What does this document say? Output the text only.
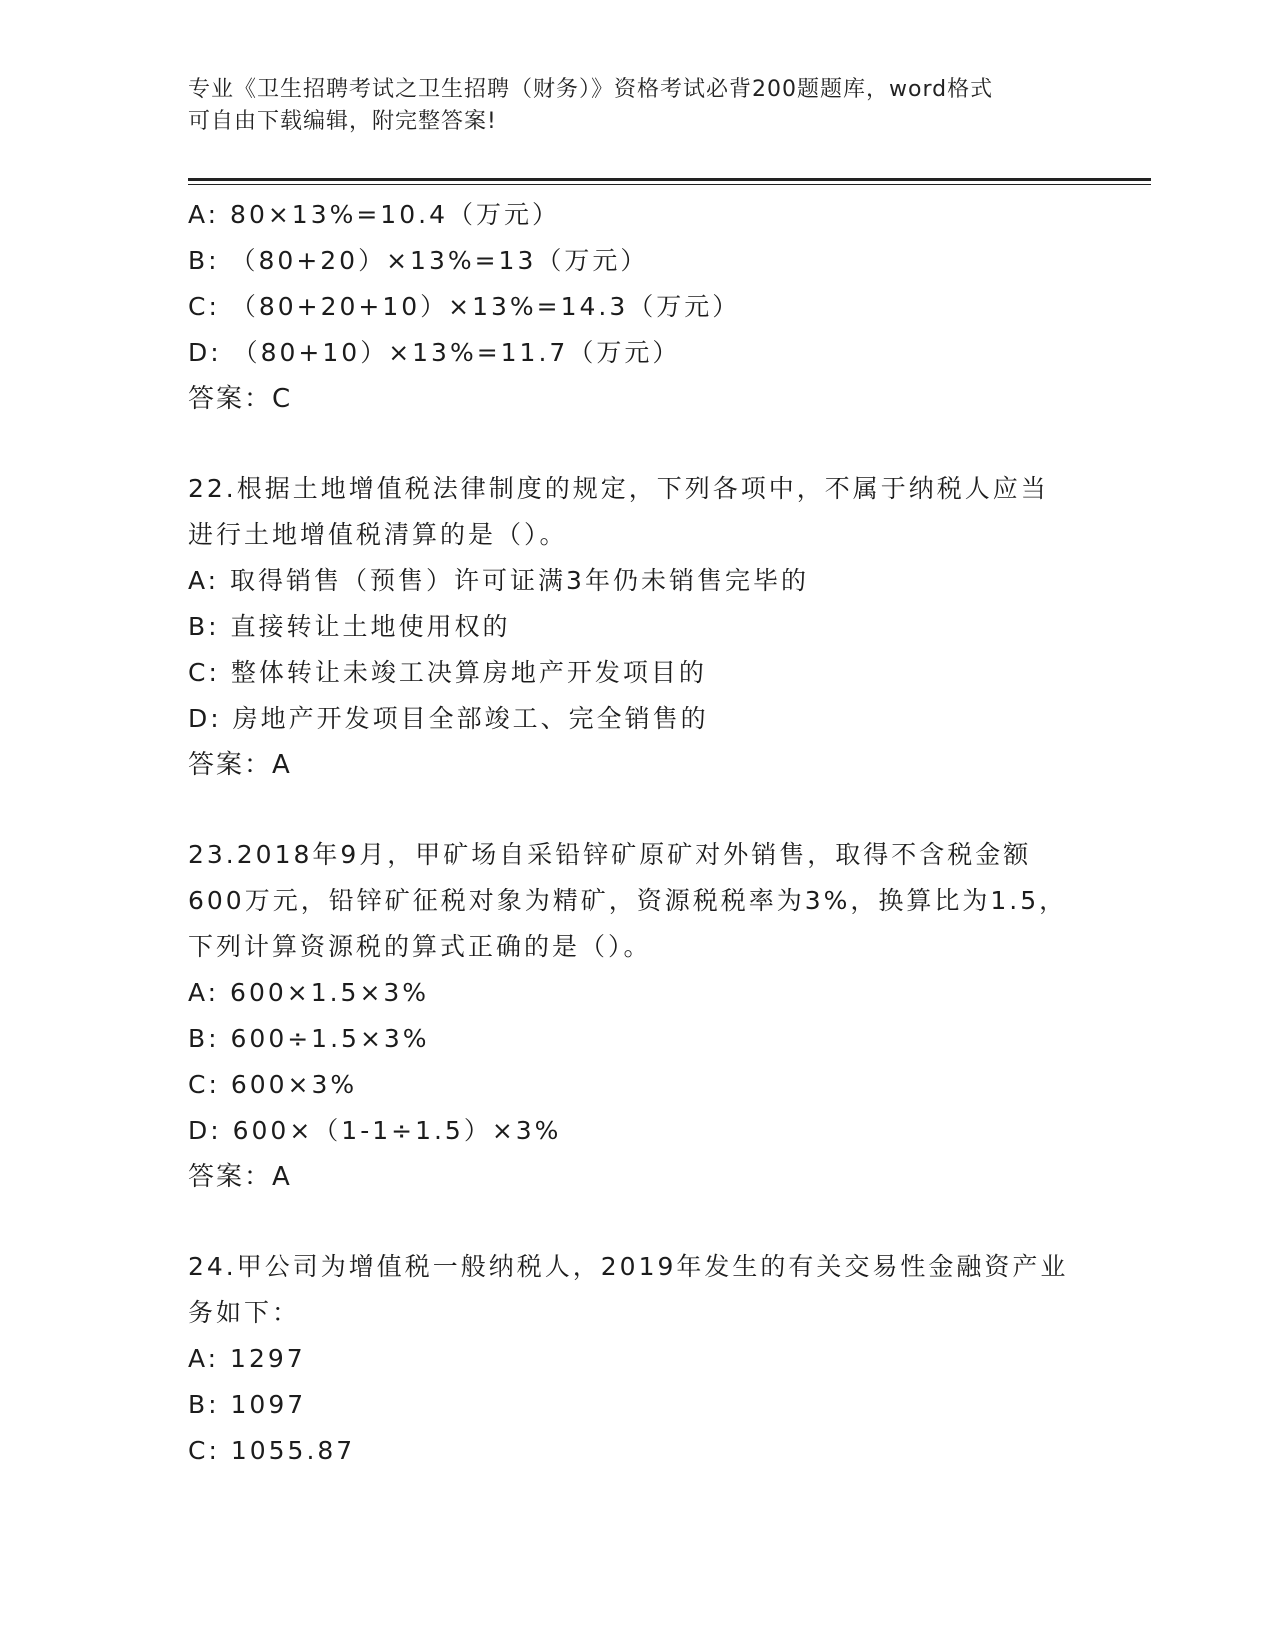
专业《卫生招聘考试之卫生招聘（财务）》资格考试必背200题题库，word格式
可自由下载编辑，附完整答案!
A: 80×13%=10.4（万元）
B: （80+20）×13%=13（万元）
C: （80+20+10）×13%=14.3（万元）
D: （80+10）×13%=11.7（万元）
答案：C
22.根据土地增值税法律制度的规定，下列各项中，不属于纳税人应当
进行土地增值税清算的是（）。
A: 取得销售（预售）许可证满3年仍未销售完毕的
B: 直接转让土地使用权的
C: 整体转让未竣工决算房地产开发项目的
D: 房地产开发项目全部竣工、完全销售的
答案：A
23.2018年9月，甲矿场自采铅锌矿原矿对外销售，取得不含税金额
600万元，铅锌矿征税对象为精矿，资源税税率为3%，换算比为1.5，
下列计算资源税的算式正确的是（）。
A: 600×1.5×3%
B: 600÷1.5×3%
C: 600×3%
D: 600×（1-1÷1.5）×3%
答案：A
24.甲公司为增值税一般纳税人，2019年发生的有关交易性金融资产业
务如下：
A: 1297
B: 1097
C: 1055.87
